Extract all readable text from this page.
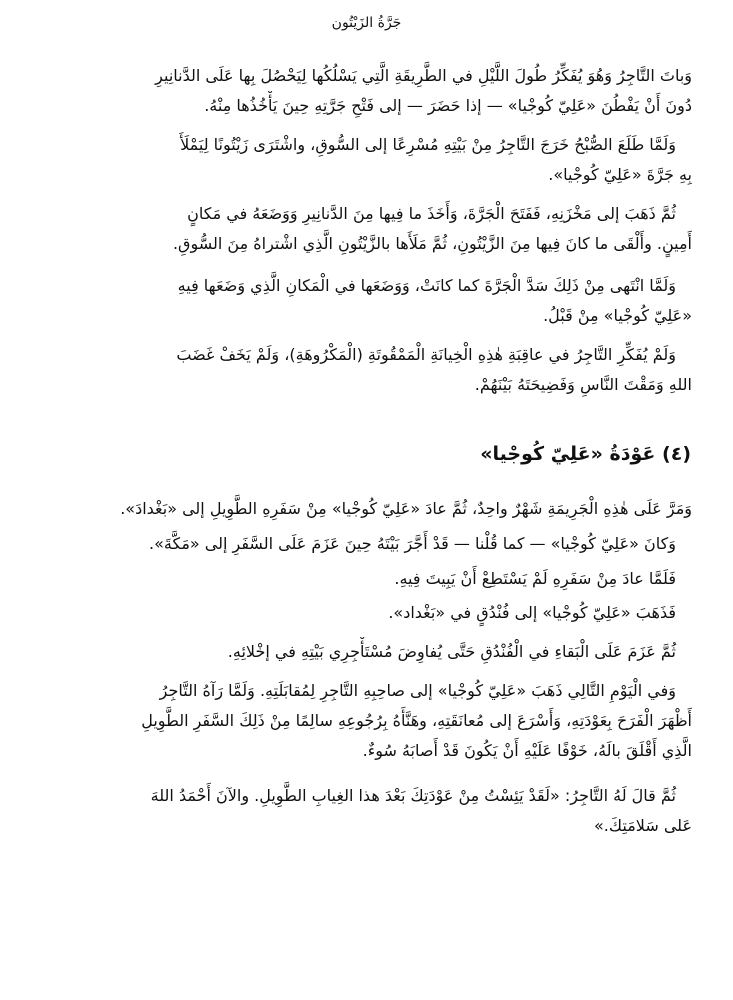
جَرَّةُ الزَيْتُون

وَباتَ التَّاجِرُ وَهُوَ يُفَكِّرُ طُولَ اللَّيْلِ في الطَّرِيقَةِ الَّتِي يَسْلُكُها لِيَحْصُلَ بِها عَلَى الدَّنانِيرِ
دُونَ أَنْ يَفْطُنَ «عَلِيّ كُوجْيا» — إذا حَضَرَ — إلى فَتْحِ جَرَّتِهِ حِينَ يَأْخُذُها مِنْهُ.

وَلَمَّا طَلَعَ الصُّبْحُ خَرَجَ التَّاجِرُ مِنْ بَيْتِهِ مُسْرِعًا إلى السُّوقِ، واشْتَرَى زَيْتُونًا لِيَمْلَأَ
بِهِ جَرَّةَ «عَلِيّ كُوجْيا».

ثُمَّ ذَهَبَ إلى مَخْزَنِهِ، فَفَتَحَ الْجَرَّةَ، وَأَخَذَ ما فِيها مِنَ الدَّنانِيرِ وَوَضَعَهُ في مَكانٍ
أَمِينٍ. وأَلْقَى ما كانَ فِيها مِنَ الزَّيْتُونِ، ثُمَّ مَلَأَها بالزَّيْتُونِ الَّذِي اشْتراهُ مِنَ السُّوقِ.

وَلَمَّا انْتَهى مِنْ ذَلِكَ سَدَّ الْجَرَّةَ كما كانَتْ، وَوَضَعَها في الْمَكانِ الَّذِي وَضَعَها فِيهِ
«عَلِيّ كُوجْيا» مِنْ قَبْلُ.

وَلَمْ يُفَكِّرِ التَّاجِرُ في عاقِبَةِ هٰذِهِ الْخِيانَةِ الْمَمْقُوتَةِ (الْمَكْرُوهَةِ)، وَلَمْ يَخَفْ غَضَبَ
اللهِ وَمَقْتَ النَّاسِ وَفَضِيحَتَهُ بَيْنَهُمْ.

(٤) عَوْدَةُ «عَلِيّ كُوجْيا»

وَمَرَّ عَلَى هٰذِهِ الْجَرِيمَةِ شَهْرٌ واحِدٌ، ثُمَّ عادَ «عَلِيّ كُوجْيا» مِنْ سَفَرِهِ الطَّوِيلِ إلى «بَغْدادَ».

وَكانَ «عَلِيّ كُوجْيا» — كما قُلْنا — قَدْ أَجَّرَ بَيْتَهُ حِينَ عَزَمَ عَلَى السَّفَرِ إلى «مَكَّةَ».

فَلَمَّا عادَ مِنْ سَفَرِهِ لَمْ يَسْتَطِعْ أَنْ يَبِيتَ فِيهِ.

فَذَهَبَ «عَلِيّ كُوجْيا» إلى فُنْدُقٍ في «بَغْداد».

ثُمَّ عَزَمَ عَلَى الْبَقاءِ في الْفُنْدُقِ حَتَّى يُفاوِضَ مُسْتَأْجِرِي بَيْتِهِ في إخْلائِهِ.

وَفي الْيَوْمِ التَّالِي ذَهَبَ «عَلِيّ كُوجْيا» إلى صاحِبِهِ التَّاجِرِ لِمُقابَلَتِهِ. وَلَمَّا رَآهُ التَّاجِرُ
أَظْهَرَ الْفَرَحَ بِعَوْدَتِهِ، وَأَسْرَعَ إلى مُعانَقَتِهِ، وهَنَّأَهُ بِرُجُوعِهِ سالِمًا مِنْ ذَلِكَ السَّفَرِ الطَّوِيلِ
الَّذِي أَقْلَقَ بالَهُ، خَوْفًا عَلَيْهِ أَنْ يَكُونَ قَدْ أَصابَهُ سُوءٌ.

ثُمَّ قالَ لَهُ التَّاجِرُ: «لَقَدْ يَئِسْتُ مِنْ عَوْدَتِكَ بَعْدَ هذا الغِيابِ الطَّوِيلِ. والآنَ أَحْمَدُ اللهَ
عَلى سَلامَتِكَ.»
